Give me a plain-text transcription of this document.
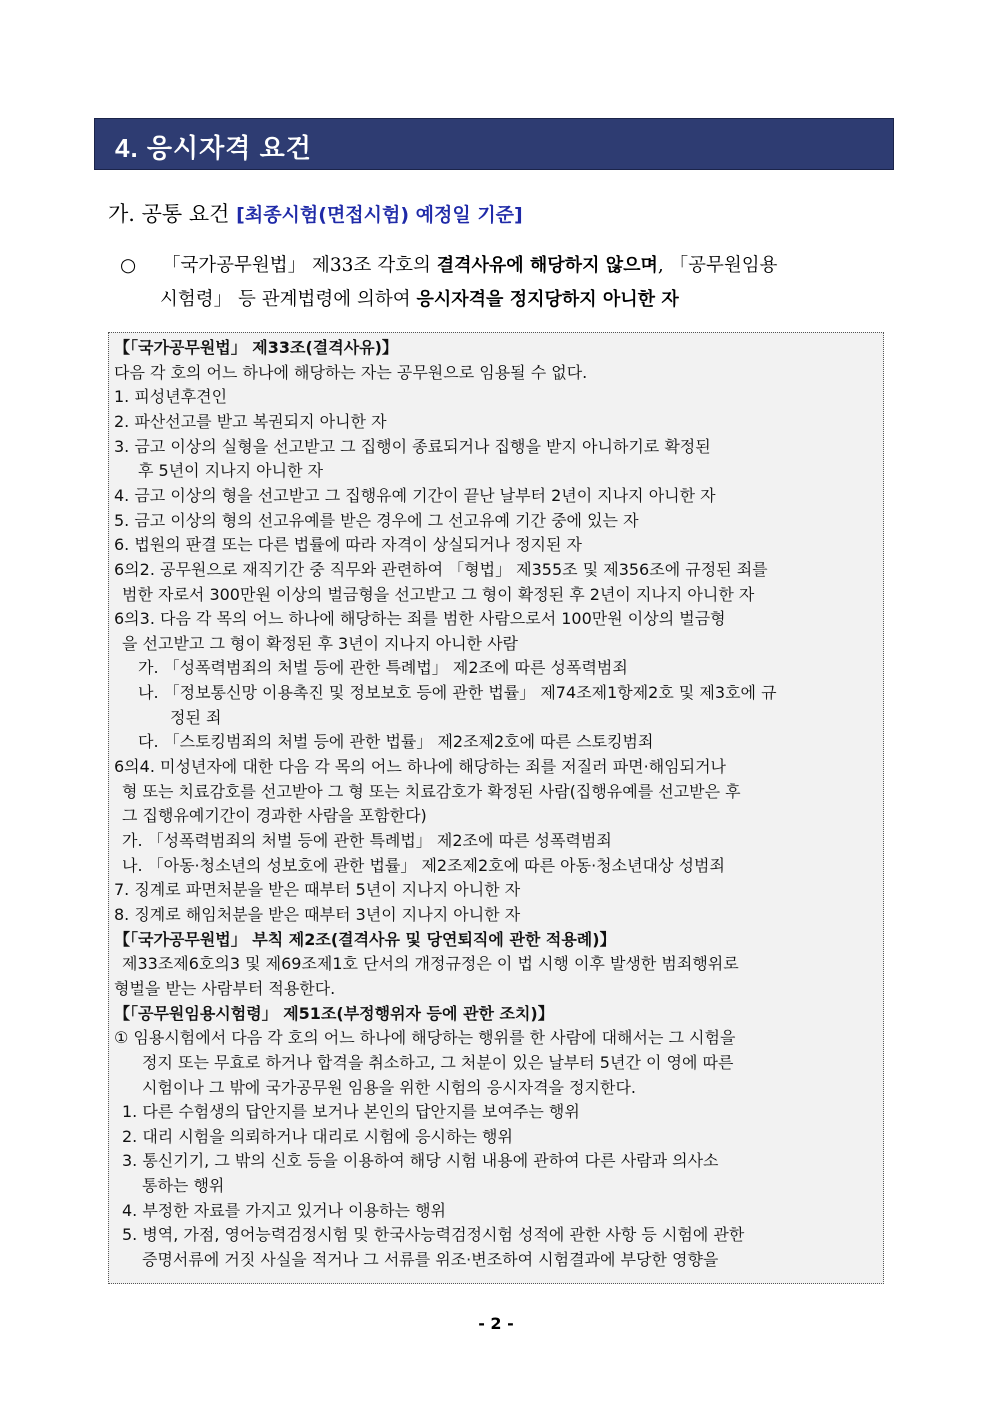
4. 응시자격 요건
가. 공통 요건 [최종시험(면접시험) 예정일 기준]
○ 「국가공무원법」 제33조 각호의 결격사유에 해당하지 않으며, 「공무원임용
시험령」 등 관계법령에 의하여 응시자격을 정지당하지 아니한 자
【「국가공무원법」 제33조(결격사유)】
다음 각 호의 어느 하나에 해당하는 자는 공무원으로 임용될 수 없다.
1. 피성년후견인
2. 파산선고를 받고 복권되지 아니한 자
3. 금고 이상의 실형을 선고받고 그 집행이 종료되거나 집행을 받지 아니하기로 확정된
후 5년이 지나지 아니한 자
4. 금고 이상의 형을 선고받고 그 집행유예 기간이 끝난 날부터 2년이 지나지 아니한 자
5. 금고 이상의 형의 선고유예를 받은 경우에 그 선고유예 기간 중에 있는 자
6. 법원의 판결 또는 다른 법률에 따라 자격이 상실되거나 정지된 자
6의2. 공무원으로 재직기간 중 직무와 관련하여 「형법」 제355조 및 제356조에 규정된 죄를
범한 자로서 300만원 이상의 벌금형을 선고받고 그 형이 확정된 후 2년이 지나지 아니한 자
6의3. 다음 각 목의 어느 하나에 해당하는 죄를 범한 사람으로서 100만원 이상의 벌금형
을 선고받고 그 형이 확정된 후 3년이 지나지 아니한 사람
가. 「성폭력범죄의 처벌 등에 관한 특례법」 제2조에 따른 성폭력범죄
나. 「정보통신망 이용촉진 및 정보보호 등에 관한 법률」 제74조제1항제2호 및 제3호에 규
정된 죄
다. 「스토킹범죄의 처벌 등에 관한 법률」 제2조제2호에 따른 스토킹범죄
6의4. 미성년자에 대한 다음 각 목의 어느 하나에 해당하는 죄를 저질러 파면·해임되거나
형 또는 치료감호를 선고받아 그 형 또는 치료감호가 확정된 사람(집행유예를 선고받은 후
그 집행유예기간이 경과한 사람을 포함한다)
가. 「성폭력범죄의 처벌 등에 관한 특례법」 제2조에 따른 성폭력범죄
나. 「아동·청소년의 성보호에 관한 법률」 제2조제2호에 따른 아동·청소년대상 성범죄
7. 징계로 파면처분을 받은 때부터 5년이 지나지 아니한 자
8. 징계로 해임처분을 받은 때부터 3년이 지나지 아니한 자
【「국가공무원법」 부칙 제2조(결격사유 및 당연퇴직에 관한 적용례)】
제33조제6호의3 및 제69조제1호 단서의 개정규정은 이 법 시행 이후 발생한 범죄행위로
형벌을 받는 사람부터 적용한다.
【「공무원임용시험령」 제51조(부정행위자 등에 관한 조치)】
① 임용시험에서 다음 각 호의 어느 하나에 해당하는 행위를 한 사람에 대해서는 그 시험을
정지 또는 무효로 하거나 합격을 취소하고, 그 처분이 있은 날부터 5년간 이 영에 따른
시험이나 그 밖에 국가공무원 임용을 위한 시험의 응시자격을 정지한다.
1. 다른 수험생의 답안지를 보거나 본인의 답안지를 보여주는 행위
2. 대리 시험을 의뢰하거나 대리로 시험에 응시하는 행위
3. 통신기기, 그 밖의 신호 등을 이용하여 해당 시험 내용에 관하여 다른 사람과 의사소
통하는 행위
4. 부정한 자료를 가지고 있거나 이용하는 행위
5. 병역, 가점, 영어능력검정시험 및 한국사능력검정시험 성적에 관한 사항 등 시험에 관한
증명서류에 거짓 사실을 적거나 그 서류를 위조·변조하여 시험결과에 부당한 영향을
- 2 -
